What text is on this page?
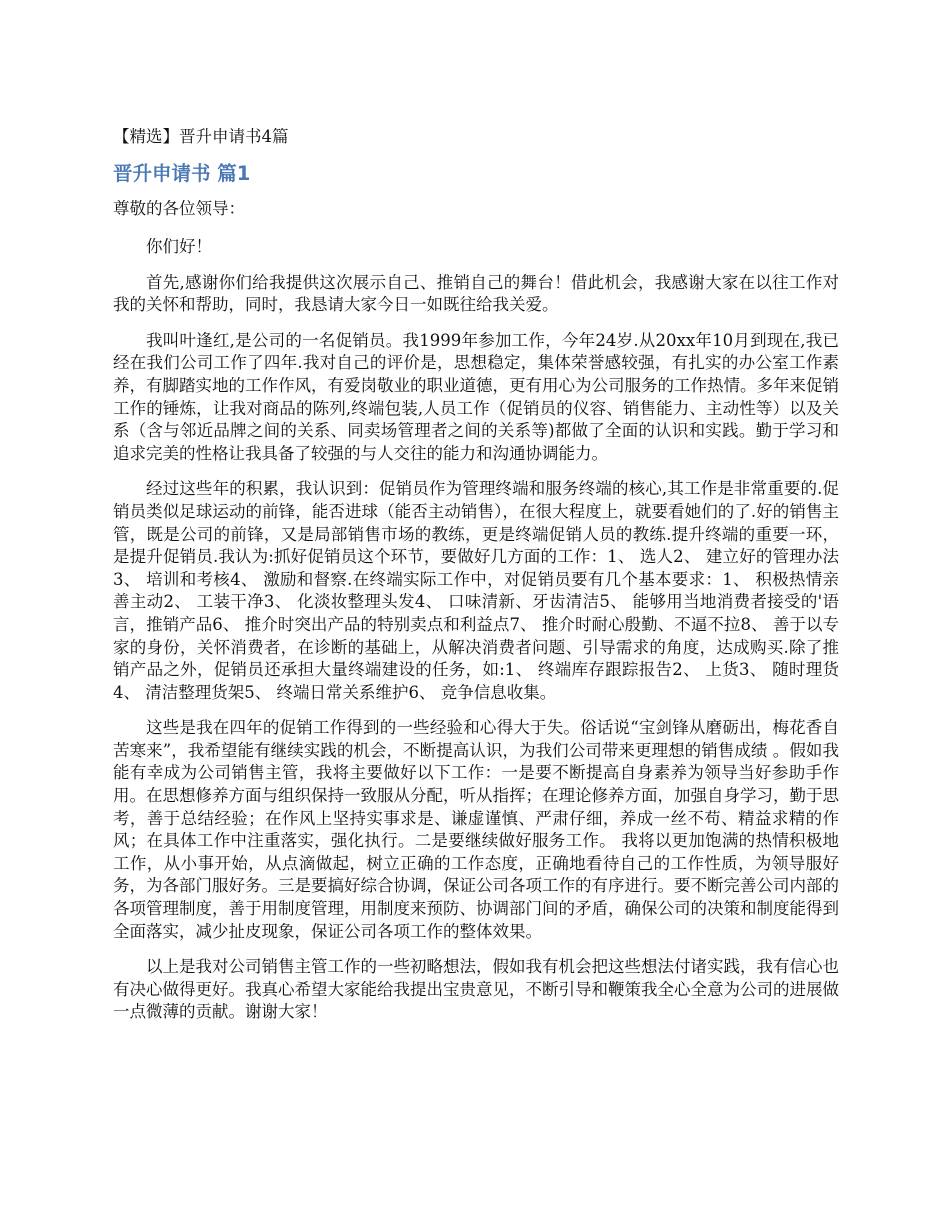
【精选】晋升申请书4篇
晋升申请书 篇1
尊敬的各位领导：

你们好！

首先,感谢你们给我提供这次展示自己、推销自己的舞台！借此机会，我感谢大家在以往工作对我的关怀和帮助，同时，我恳请大家今日一如既往给我关爱。

我叫叶逢红,是公司的一名促销员。我1999年参加工作，今年24岁.从20xx年10月到现在,我已经在我们公司工作了四年.我对自己的评价是，思想稳定，集体荣誉感较强，有扎实的办公室工作素养，有脚踏实地的工作作风，有爱岗敬业的职业道德，更有用心为公司服务的工作热情。多年来促销工作的锤炼，让我对商品的陈列,终端包装,人员工作（促销员的仪容、销售能力、主动性等）以及关系（含与邻近品牌之间的关系、同卖场管理者之间的关系等)都做了全面的认识和实践。勤于学习和追求完美的性格让我具备了较强的与人交往的能力和沟通协调能力。

经过这些年的积累，我认识到：促销员作为管理终端和服务终端的核心,其工作是非常重要的.促销员类似足球运动的前锋，能否进球（能否主动销售），在很大程度上，就要看她们的了.好的销售主管，既是公司的前锋，又是局部销售市场的教练，更是终端促销人员的教练.提升终端的重要一环，是提升促销员.我认为:抓好促销员这个环节，要做好几方面的工作：1、 选人2、 建立好的管理办法3、 培训和考核4、 激励和督察.在终端实际工作中，对促销员要有几个基本要求：1、 积极热情亲善主动2、 工装干净3、 化淡妆整理头发4、 口味清新、牙齿清洁5、 能够用当地消费者接受的'语言，推销产品6、 推介时突出产品的特别卖点和利益点7、 推介时耐心殷勤、不逼不拉8、 善于以专家的身份，关怀消费者，在诊断的基础上，从解决消费者问题、引导需求的角度，达成购买.除了推销产品之外，促销员还承担大量终端建设的任务，如:1、 终端库存跟踪报告2、 上货3、 随时理货4、 清洁整理货架5、 终端日常关系维护6、 竞争信息收集。

这些是我在四年的促销工作得到的一些经验和心得大于失。俗话说“宝剑锋从磨砺出，梅花香自苦寒来”，我希望能有继续实践的机会，不断提高认识，为我们公司带来更理想的销售成绩 。假如我能有幸成为公司销售主管，我将主要做好以下工作：一是要不断提高自身素养为领导当好参助手作用。在思想修养方面与组织保持一致服从分配，听从指挥；在理论修养方面，加强自身学习，勤于思考，善于总结经验；在作风上坚持实事求是、谦虚谨慎、严肃仔细，养成一丝不苟、精益求精的作风；在具体工作中注重落实，强化执行。二是要继续做好服务工作。 我将以更加饱满的热情积极地工作，从小事开始，从点滴做起，树立正确的工作态度，正确地看待自己的工作性质，为领导服好务，为各部门服好务。三是要搞好综合协调，保证公司各项工作的有序进行。要不断完善公司内部的各项管理制度，善于用制度管理，用制度来预防、协调部门间的矛盾，确保公司的决策和制度能得到全面落实，减少扯皮现象，保证公司各项工作的整体效果。

以上是我对公司销售主管工作的一些初略想法，假如我有机会把这些想法付诸实践，我有信心也有决心做得更好。我真心希望大家能给我提出宝贵意见，不断引导和鞭策我全心全意为公司的进展做一点微薄的贡献。谢谢大家！
